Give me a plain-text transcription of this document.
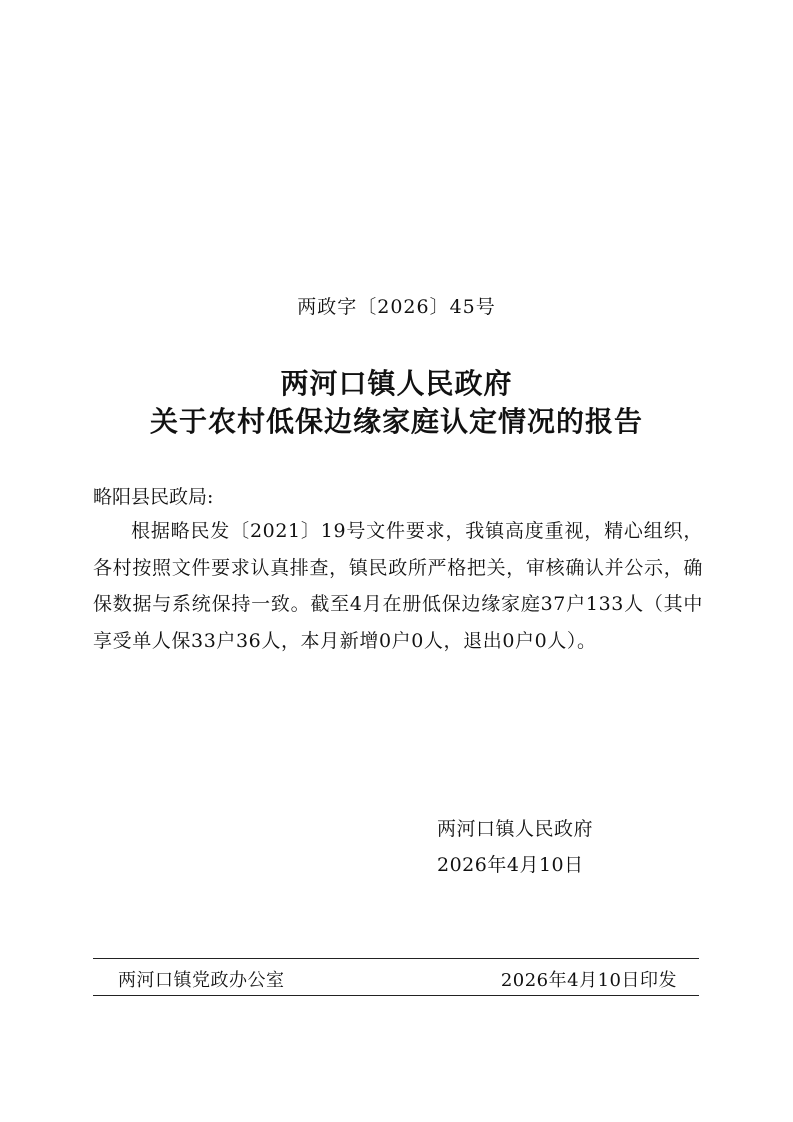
两政字〔2026〕45号
两河口镇人民政府
关于农村低保边缘家庭认定情况的报告
略阳县民政局:

根据略民发〔2021〕19号文件要求，我镇高度重视，精心组织，各村按照文件要求认真排查，镇民政所严格把关，审核确认并公示，确保数据与系统保持一致。截至4月在册低保边缘家庭37户133人（其中享受单人保33户36人，本月新增0户0人，退出0户0人）。

两河口镇人民政府
2026年4月10日
两河口镇党政办公室	2026年4月10日印发
